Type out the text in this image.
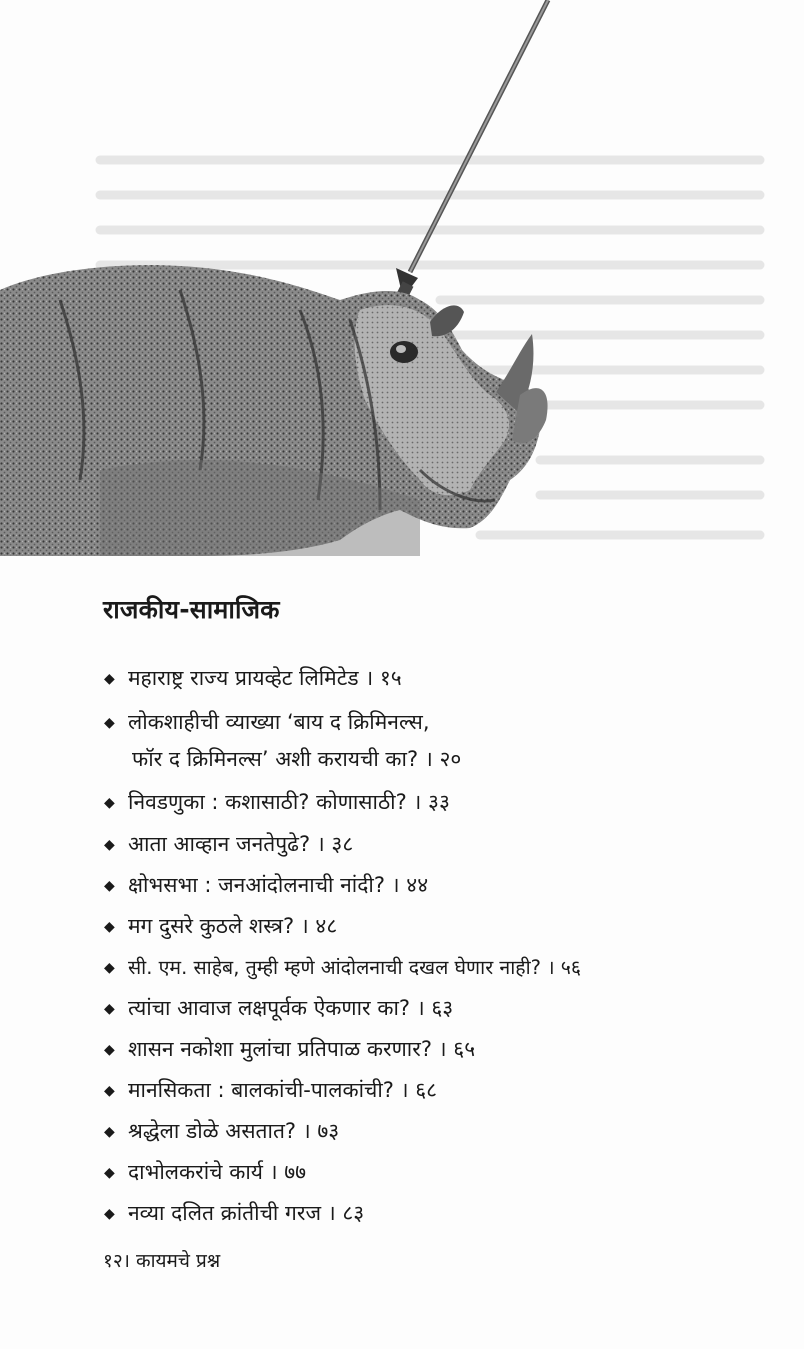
राजकीय-सामाजिक
◆ महाराष्ट्र राज्य प्रायव्हेट लिमिटेड । १५
◆ लोकशाहीची व्याख्या ‘बाय द क्रिमिनल्स,
फॉर द क्रिमिनल्स’ अशी करायची का? । २०
◆ निवडणुका : कशासाठी? कोणासाठी? । ३३
◆ आता आव्हान जनतेपुढे? । ३८
◆ क्षोभसभा : जनआंदोलनाची नांदी? । ४४
◆ मग दुसरे कुठले शस्त्र? । ४८
◆ सी. एम. साहेब, तुम्ही म्हणे आंदोलनाची दखल घेणार नाही? । ५६
◆ त्यांचा आवाज लक्षपूर्वक ऐकणार का? । ६३
◆ शासन नकोशा मुलांचा प्रतिपाळ करणार? । ६५
◆ मानसिकता : बालकांची-पालकांची? । ६८
◆ श्रद्धेला डोळे असतात? । ७३
◆ दाभोलकरांचे कार्य । ७७
◆ नव्या दलित क्रांतीची गरज । ८३
१२। कायमचे प्रश्न
